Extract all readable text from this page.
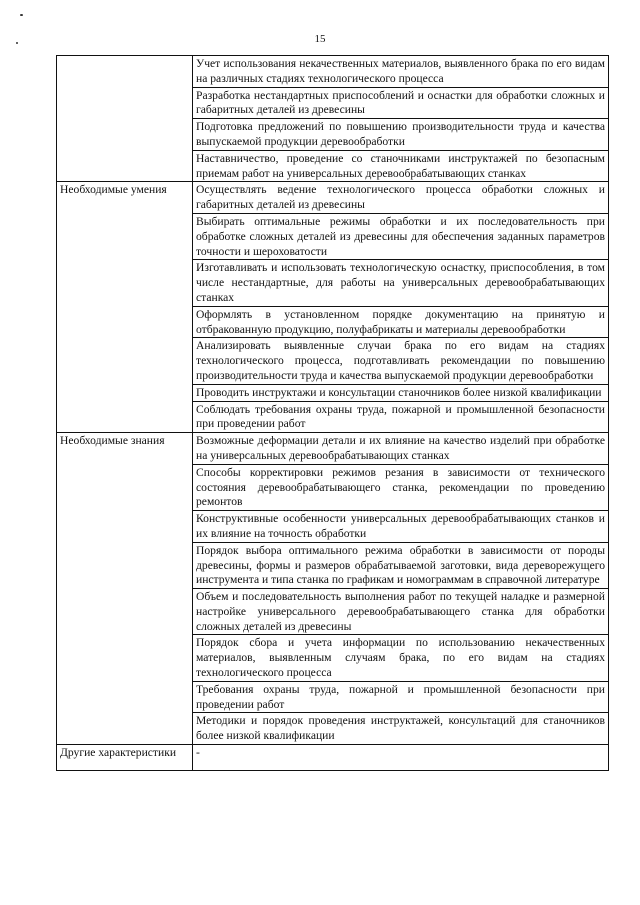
15
	Учет использования некачественных материалов, выявленного брака по его видам на различных стадиях технологического процесса
	Разработка нестандартных приспособлений и оснастки для обработки сложных и габаритных деталей из древесины
	Подготовка предложений по повышению производительности труда и качества выпускаемой продукции деревообработки
	Наставничество, проведение со станочниками инструктажей по безопасным приемам работ на универсальных деревообрабатывающих станках
Необходимые умения	Осуществлять ведение технологического процесса обработки сложных и габаритных деталей из древесины
	Выбирать оптимальные режимы обработки и их последовательность при обработке сложных деталей из древесины для обеспечения заданных параметров точности и шероховатости
	Изготавливать и использовать технологическую оснастку, приспособления, в том числе нестандартные, для работы на универсальных деревообрабатывающих станках
	Оформлять в установленном порядке документацию на принятую и отбракованную продукцию, полуфабрикаты и материалы деревообработки
	Анализировать выявленные случаи брака по его видам на стадиях технологического процесса, подготавливать рекомендации по повышению производительности труда и качества выпускаемой продукции деревообработки
	Проводить инструктажи и консультации станочников более низкой квалификации
	Соблюдать требования охраны труда, пожарной и промышленной безопасности при проведении работ
Необходимые знания	Возможные деформации детали и их влияние на качество изделий при обработке на универсальных деревообрабатывающих станках
	Способы корректировки режимов резания в зависимости от технического состояния деревообрабатывающего станка, рекомендации по проведению ремонтов
	Конструктивные особенности универсальных деревообрабатывающих станков и их влияние на точность обработки
	Порядок выбора оптимального режима обработки в зависимости от породы древесины, формы и размеров обрабатываемой заготовки, вида дереворежущего инструмента и типа станка по графикам и номограммам в справочной литературе
	Объем и последовательность выполнения работ по текущей наладке и размерной настройке универсального деревообрабатывающего станка для обработки сложных деталей из древесины
	Порядок сбора и учета информации по использованию некачественных материалов, выявленным случаям брака, по его видам на стадиях технологического процесса
	Требования охраны труда, пожарной и промышленной безопасности при проведении работ
	Методики и порядок проведения инструктажей, консультаций для станочников более низкой квалификации
Другие характеристики	-
